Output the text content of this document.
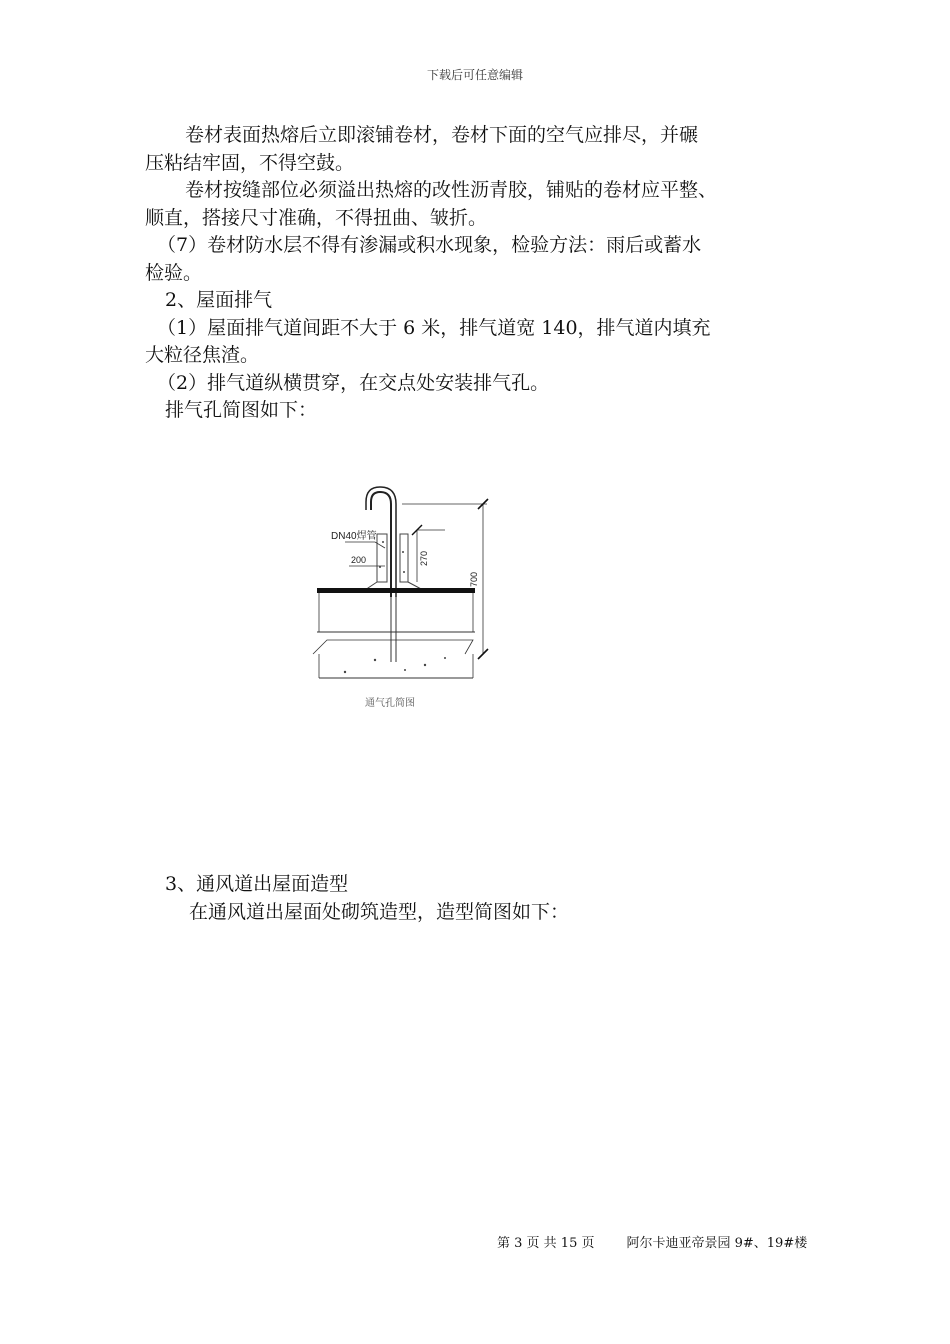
下载后可任意编辑

卷材表面热熔后立即滚铺卷材，卷材下面的空气应排尽，并碾

压粘结牢固，不得空鼓。

卷材按缝部位必须溢出热熔的改性沥青胶，铺贴的卷材应平整、

顺直，搭接尺寸准确，不得扭曲、皱折。

（7）卷材防水层不得有渗漏或积水现象，检验方法：雨后或蓄水

检验。

2、屋面排气

（1）屋面排气道间距不大于 6 米，排气道宽 140，排气道内填充

大粒径焦渣。

（2）排气道纵横贯穿，在交点处安装排气孔。

排气孔简图如下：

DN40焊管
200	270
700
通气孔简图

3、通风道出屋面造型

在通风道出屋面处砌筑造型，造型简图如下：

第 3 页 共 15 页 阿尔卡迪亚帝景园 9#、19#楼
